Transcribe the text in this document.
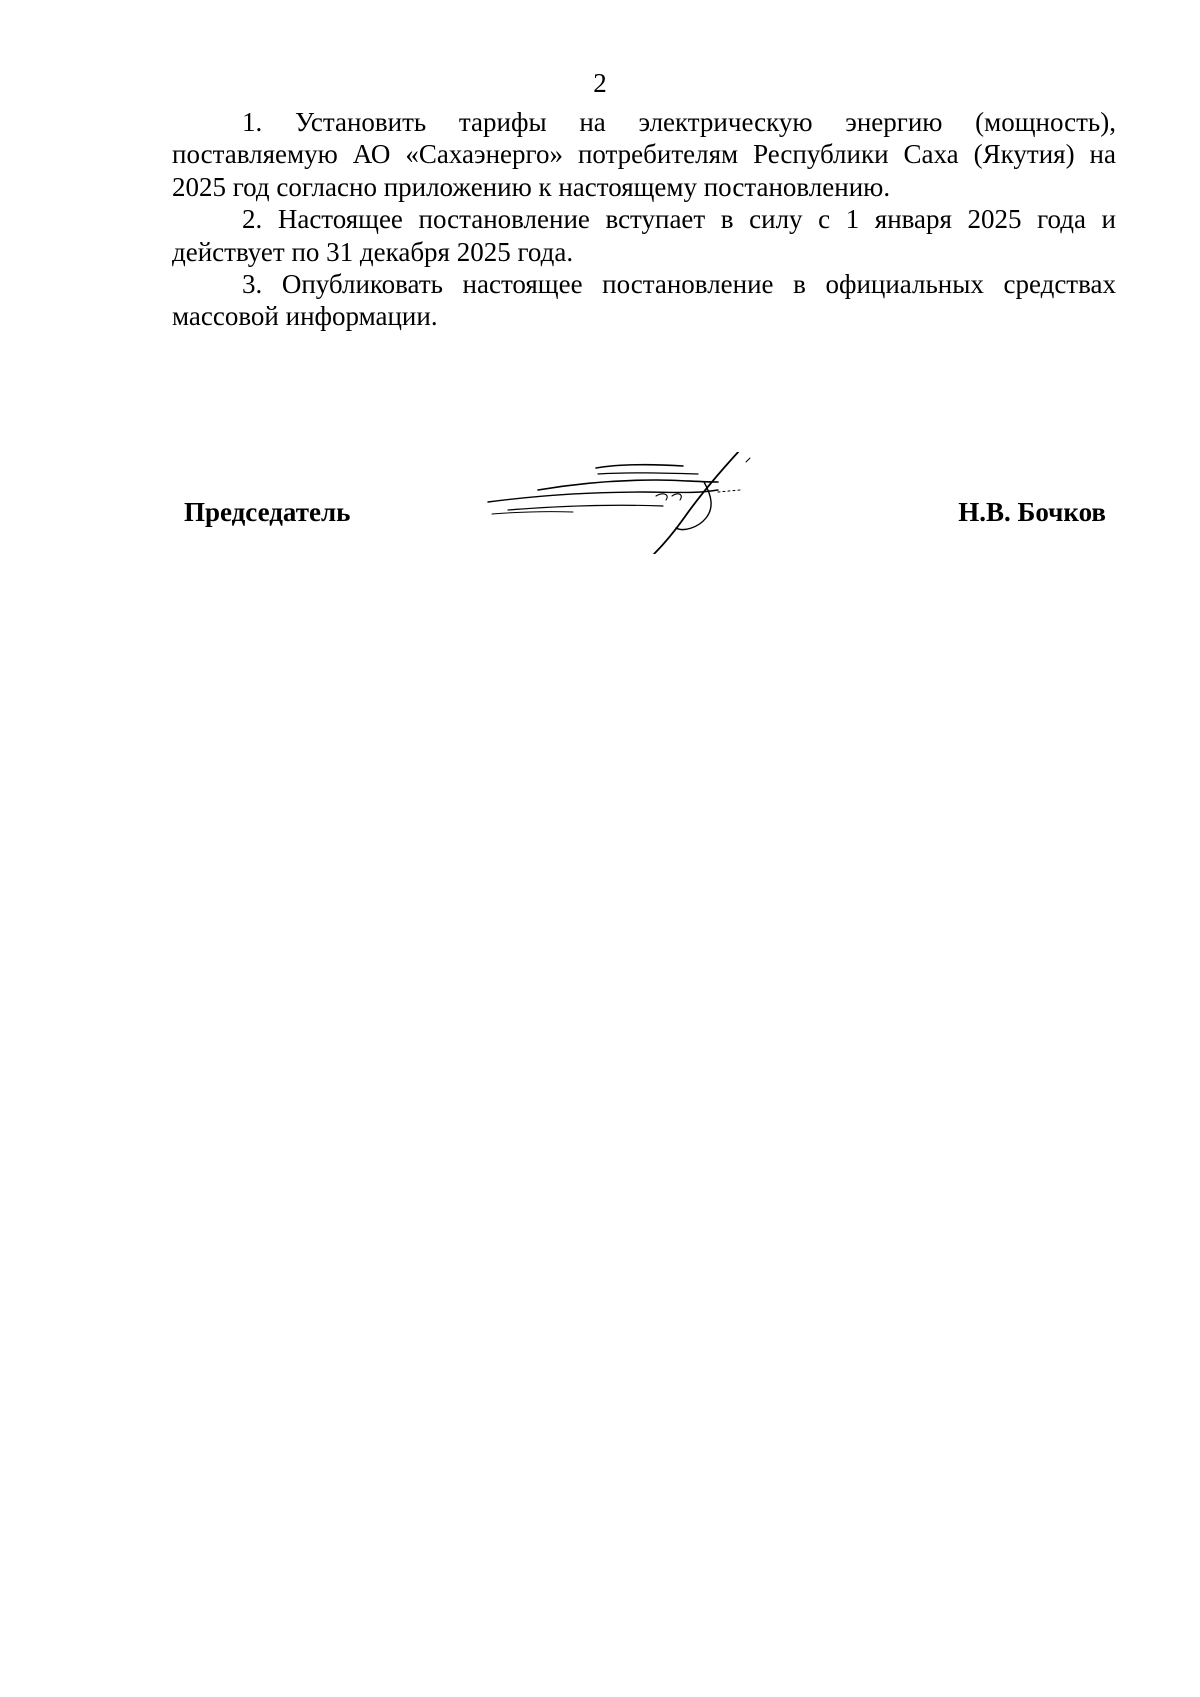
2

1. Установить тарифы на электрическую энергию (мощность), поставляемую АО «Сахаэнерго» потребителям Республики Саха (Якутия) на 2025 год согласно приложению к настоящему постановлению.

2. Настоящее постановление вступает в силу с 1 января 2025 года и действует по 31 декабря 2025 года.

3. Опубликовать настоящее постановление в официальных средствах массовой информации.

Председатель	Н.В. Бочков
